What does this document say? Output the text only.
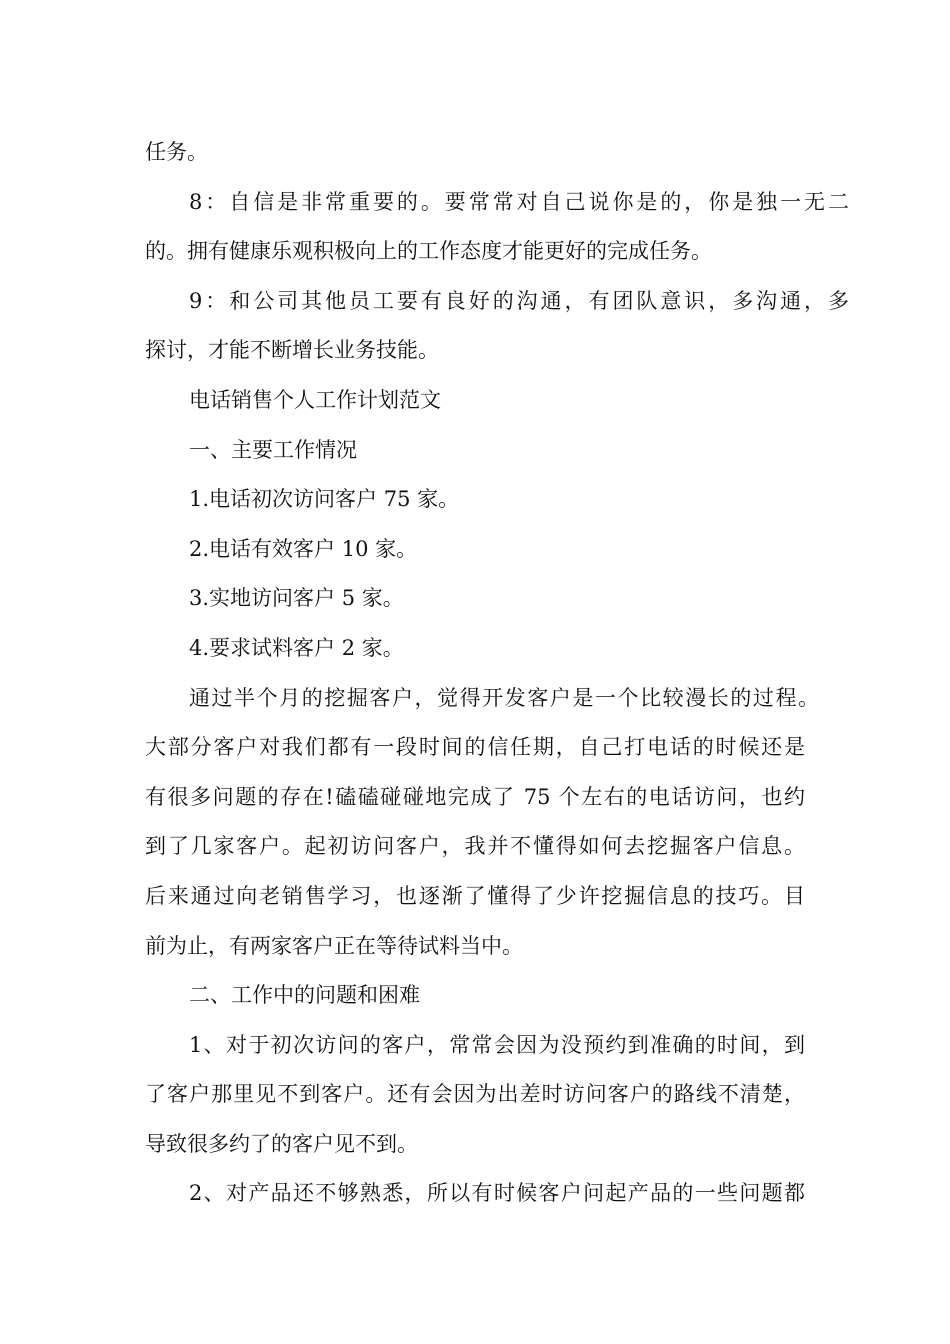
任务。
8：自信是非常重要的。要常常对自己说你是的，你是独一无二
的。拥有健康乐观积极向上的工作态度才能更好的完成任务。
9：和公司其他员工要有良好的沟通，有团队意识，多沟通，多
探讨，才能不断增长业务技能。
电话销售个人工作计划范文
一、主要工作情况
1.电话初次访问客户 75 家。
2.电话有效客户 10 家。
3.实地访问客户 5 家。
4.要求试料客户 2 家。
通过半个月的挖掘客户，觉得开发客户是一个比较漫长的过程。
大部分客户对我们都有一段时间的信任期，自己打电话的时候还是
有很多问题的存在!磕磕碰碰地完成了 75 个左右的电话访问，也约
到了几家客户。起初访问客户，我并不懂得如何去挖掘客户信息。
后来通过向老销售学习，也逐渐了懂得了少许挖掘信息的技巧。目
前为止，有两家客户正在等待试料当中。
二、工作中的问题和困难
1、对于初次访问的客户，常常会因为没预约到准确的时间，到
了客户那里见不到客户。还有会因为出差时访问客户的路线不清楚，
导致很多约了的客户见不到。
2、对产品还不够熟悉，所以有时候客户问起产品的一些问题都
